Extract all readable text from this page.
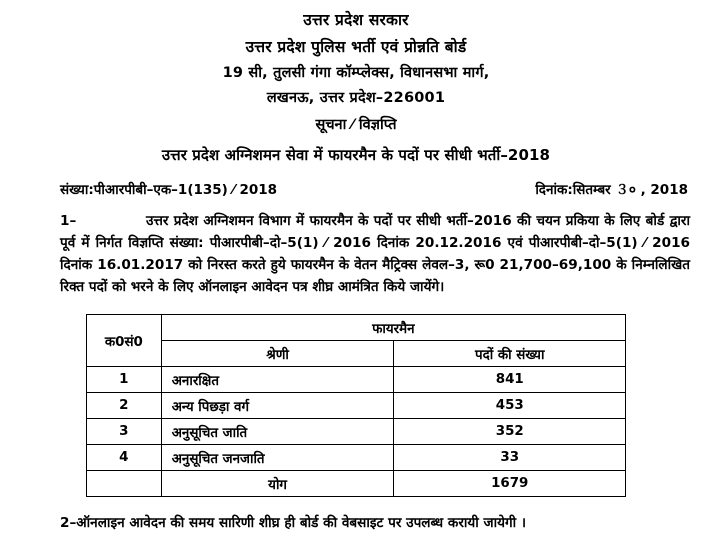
उत्तर प्रदेश सरकार
उत्तर प्रदेश पुलिस भर्ती एवं प्रोन्नति बोर्ड
19 सी, तुलसी गंगा कॉम्प्लेक्स, विधानसभा मार्ग,
लखनऊ, उत्तर प्रदेश–226001
सूचना ⁄ विज्ञप्ति
उत्तर प्रदेश अग्निशमन सेवा में फायरमैन के पदों पर सीधी भर्ती–2018
संख्या:पीआरपीबी–एक–1(135) ⁄ 2018	दिनांक:सितम्बर ３० , 2018
1–	उत्तर प्रदेश अग्निशमन विभाग में फायरमैन के पदों पर सीधी भर्ती–2016 की चयन प्रकिया के लिए बोर्ड द्वारा पूर्व में निर्गत विज्ञप्ति संख्या: पीआरपीबी–दो–5(1) ⁄ 2016 दिनांक 20.12.2016 एवं पीआरपीबी–दो–5(1) ⁄ 2016 दिनांक 16.01.2017 को निरस्त करते हुये फायरमैन के वेतन मैट्रिक्स लेवल–3, रू0 21,700–69,100 के निम्नलिखित रिक्त पदों को भरने के लिए ऑनलाइन आवेदन पत्र शीघ्र आमंत्रित किये जायेंगे।
क0सं0	फायरमैन	
	श्रेणी	पदों की संख्या
1	अनारक्षित	841
2	अन्य पिछड़ा वर्ग	453
3	अनुसूचित जाति	352
4	अनुसूचित जनजाति	33
	योग	1679
2–ऑनलाइन आवेदन की समय सारिणी शीघ्र ही बोर्ड की वेबसाइट पर उपलब्ध करायी जायेगी ।
